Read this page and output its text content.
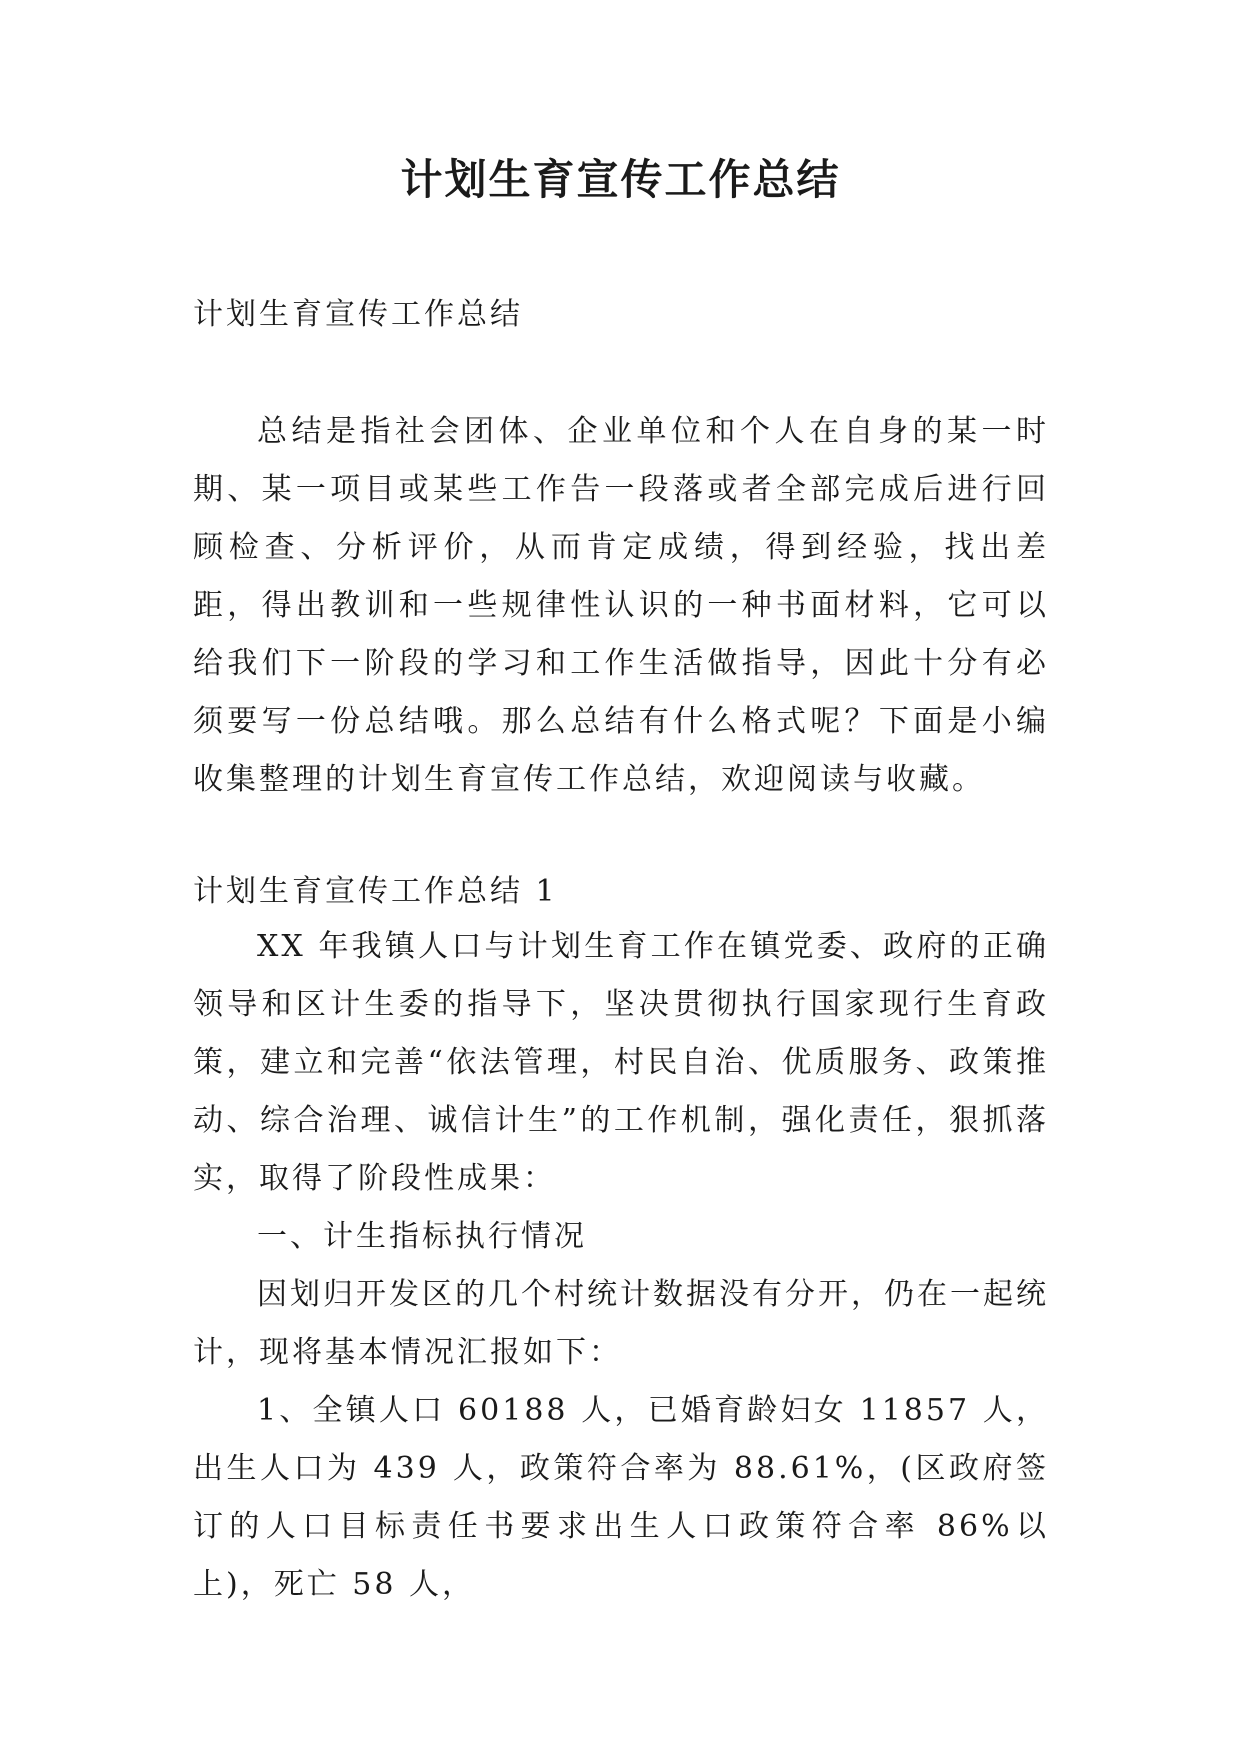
计划生育宣传工作总结

计划生育宣传工作总结

总结是指社会团体、企业单位和个人在自身的某一时期、某一项目或某些工作告一段落或者全部完成后进行回顾检查、分析评价，从而肯定成绩，得到经验，找出差距，得出教训和一些规律性认识的一种书面材料，它可以给我们下一阶段的学习和工作生活做指导，因此十分有必须要写一份总结哦。那么总结有什么格式呢？下面是小编收集整理的计划生育宣传工作总结，欢迎阅读与收藏。

计划生育宣传工作总结 1

XX 年我镇人口与计划生育工作在镇党委、政府的正确领导和区计生委的指导下，坚决贯彻执行国家现行生育政策，建立和完善“依法管理，村民自治、优质服务、政策推动、综合治理、诚信计生”的工作机制，强化责任，狠抓落实，取得了阶段性成果：

一、计生指标执行情况

因划归开发区的几个村统计数据没有分开，仍在一起统计，现将基本情况汇报如下：

1、全镇人口 60188 人，已婚育龄妇女 11857 人，出生人口为 439 人，政策符合率为 88.61%，(区政府签订的人口目标责任书要求出生人口政策符合率 86%以上)，死亡 58 人，
